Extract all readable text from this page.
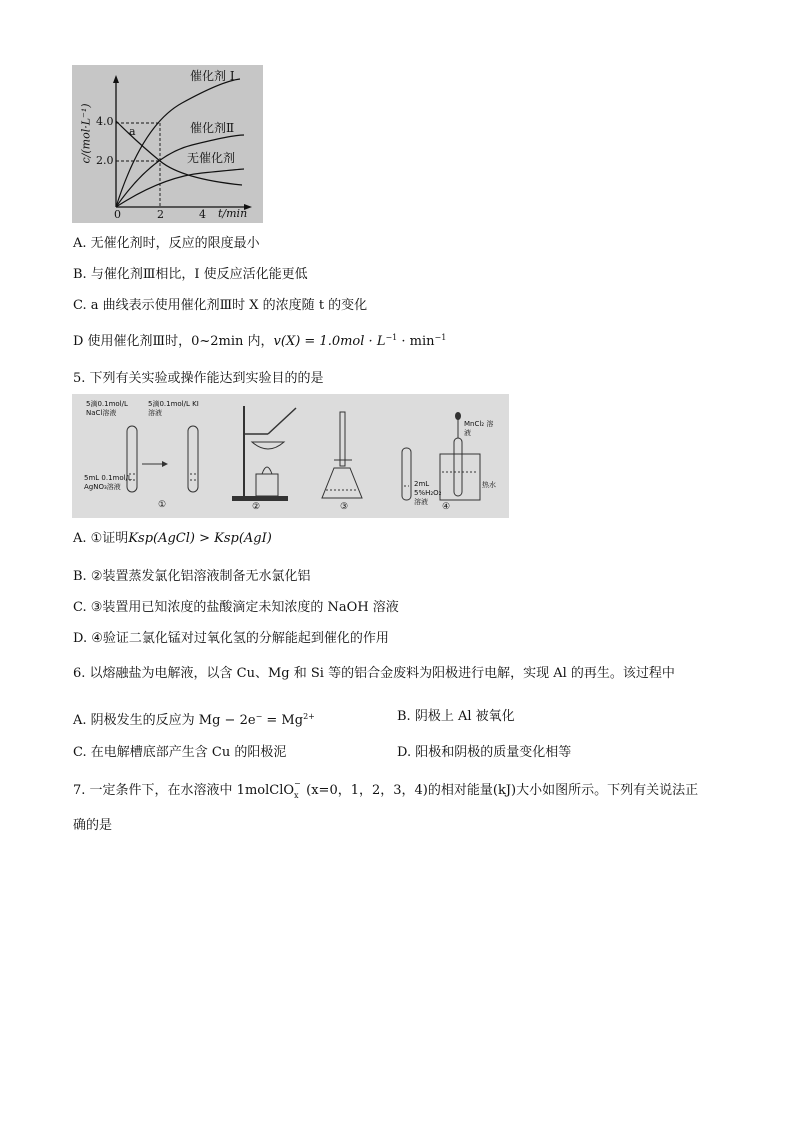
催化剂 I
催化剂Ⅱ
无催化剂
c/(mol·L⁻¹) 4.0
2.0
0	2	4 t/min
a
A. 无催化剂时，反应的限度最小
B. 与催化剂Ⅲ相比，I 使反应活化能更低
C. a 曲线表示使用催化剂Ⅲ时 X 的浓度随 t 的变化
D 使用催化剂Ⅲ时，0~2min 内，$v(X) = 1.0mol \cdot L^{-1} \cdot \min^{-1}$
5. 下列有关实验或操作能达到实验目的的是
5滴0.1mol/L NaCl溶液
5滴0.1mol/L KI溶液
5mL 0.1mol/L AgNO₃溶液
MnCl₂ 溶液
2mL 5%H₂O₂ 溶液
热水
①	②	③	④
A. ①证明Ksp(AgCl) > Ksp(AgI)
B. ②装置蒸发氯化铝溶液制备无水氯化铝
C. ③装置用已知浓度的盐酸滴定未知浓度的 NaOH 溶液
D. ④验证二氯化锰对过氧化氢的分解能起到催化的作用
6. 以熔融盐为电解液，以含 Cu、Mg 和 Si 等的铝合金废料为阳极进行电解，实现 Al 的再生。该过程中
A. 阴极发生的反应为 $Mg - 2e^- = Mg^{2+}$	B. 阴极上 Al 被氧化
C. 在电解槽底部产生含 Cu 的阳极泥	D. 阳极和阴极的质量变化相等
7. 一定条件下，在水溶液中 1molClO −
x (x=0，1，2，3，4)的相对能量(kJ)大小如图所示。下列有关说法正
确的是
